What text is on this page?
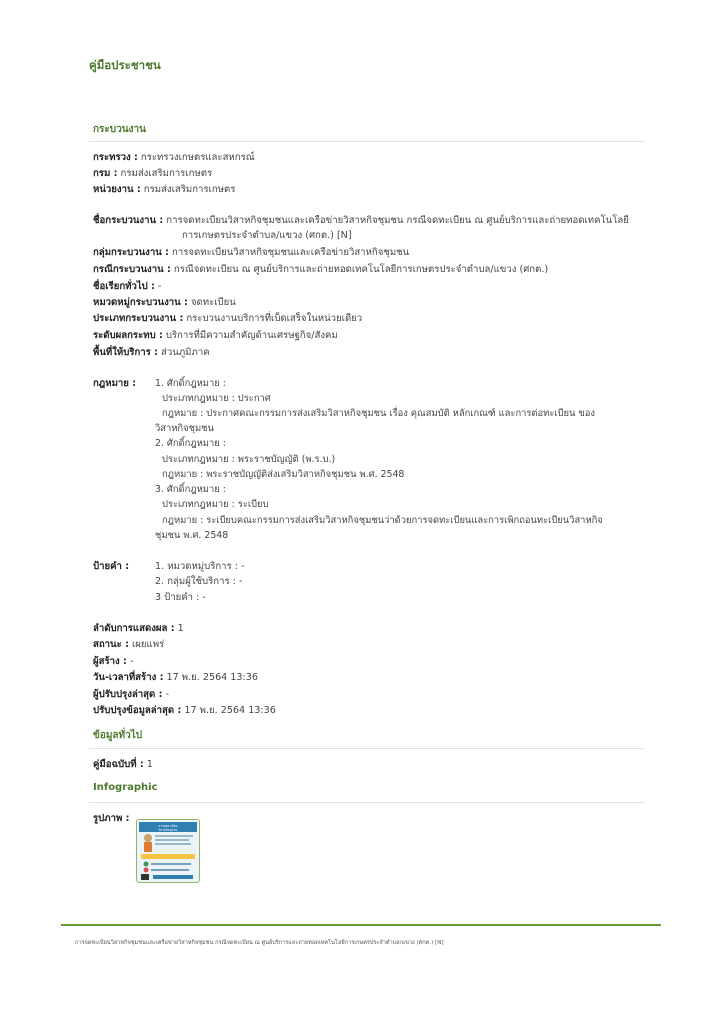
คู่มือประชาชน
กระบวนงาน
กระทรวง : กระทรวงเกษตรและสหกรณ์
กรม : กรมส่งเสริมการเกษตร
หน่วยงาน : กรมส่งเสริมการเกษตร
ชื่อกระบวนงาน : การจดทะเบียนวิสาหกิจชุมชนและเครือข่ายวิสาหกิจชุมชน กรณีจดทะเบียน ณ ศูนย์บริการและถ่ายทอดเทคโนโลยี
การเกษตรประจำตำบล/แขวง (ศกต.) [N]
กลุ่มกระบวนงาน : การจดทะเบียนวิสาหกิจชุมชนและเครือข่ายวิสาหกิจชุมชน
กรณีกระบวนงาน : กรณีจดทะเบียน ณ ศูนย์บริการและถ่ายทอดเทคโนโลยีการเกษตรประจำตำบล/แขวง (ศกต.)
ชื่อเรียกทั่วไป : -
หมวดหมู่กระบวนงาน : จดทะเบียน
ประเภทกระบวนงาน : กระบวนงานบริการที่เบ็ดเสร็จในหน่วยเดียว
ระดับผลกระทบ : บริการที่มีความสำคัญด้านเศรษฐกิจ/สังคม
พื้นที่ให้บริการ : ส่วนภูมิภาค
กฎหมาย :	1. ศักดิ์กฎหมาย :
ประเภทกฎหมาย : ประกาศ
กฎหมาย : ประกาศคณะกรรมการส่งเสริมวิสาหกิจชุมชน เรื่อง คุณสมบัติ หลักเกณฑ์ และการต่อทะเบียน ของ
วิสาหกิจชุมชน
2. ศักดิ์กฎหมาย :
ประเภทกฎหมาย : พระราชบัญญัติ (พ.ร.บ.)
กฎหมาย : พระราชบัญญัติส่งเสริมวิสาหกิจชุมชน พ.ศ. 2548
3. ศักดิ์กฎหมาย :
ประเภทกฎหมาย : ระเบียบ
กฎหมาย : ระเบียบคณะกรรมการส่งเสริมวิสาหกิจชุมชนว่าด้วยการจดทะเบียนและการเพิกถอนทะเบียนวิสาหกิจ
ชุมชน พ.ศ. 2548
ป้ายคำ :	1. หมวดหมู่บริการ : -
2. กลุ่มผู้ใช้บริการ : -
3 ป้ายคำ : -
ลำดับการแสดงผล : 1
สถานะ : เผยแพร่
ผู้สร้าง : -
วัน-เวลาที่สร้าง : 17 พ.ย. 2564 13:36
ผู้ปรับปรุงล่าสุด : -
ปรับปรุงข้อมูลล่าสุด : 17 พ.ย. 2564 13:36
ข้อมูลทั่วไป
คู่มือฉบับที่ : 1
Infographic
รูปภาพ :
การจดทะเบียน
วิสาหกิจชุมชน
การจดทะเบียนวิสาหกิจชุมชนและเครือข่ายวิสาหกิจชุมชน กรณีจดทะเบียน ณ ศูนย์บริการและถ่ายทอดเทคโนโลยีการเกษตรประจำตำบล/แขวง (ศกต.) [N]
